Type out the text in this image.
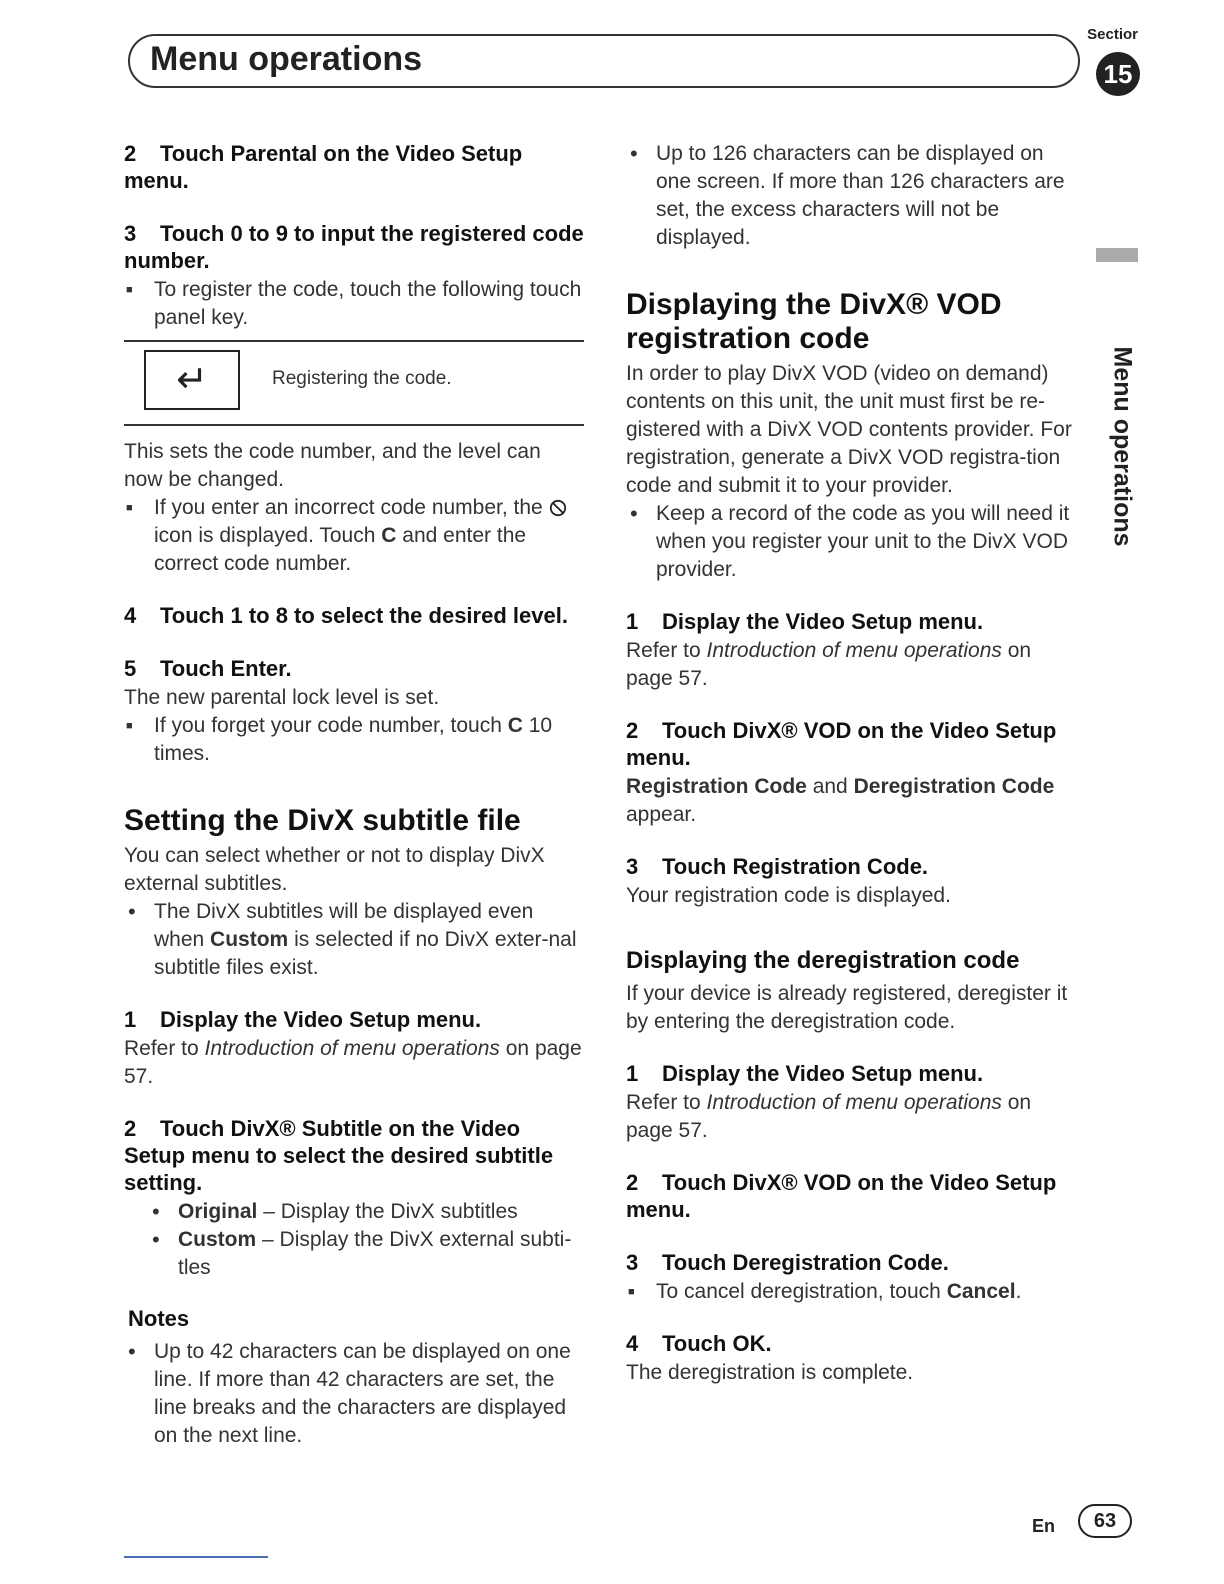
Menu operations
Sectior
15
Menu operations
2 Touch Parental on the Video Setup menu.
3 Touch 0 to 9 to input the registered code number.
■ To register the code, touch the following touch panel key.
↵	Registering the code.

This sets the code number, and the level can now be changed.

■ If you enter an incorrect code number, the  icon is displayed. Touch C and enter the correct code number.
4 Touch 1 to 8 to select the desired level.
5 Touch Enter.

The new parental lock level is set.

■ If you forget your code number, touch C 10 times.
Setting the DivX subtitle file

You can select whether or not to display DivX external subtitles.

• The DivX subtitles will be displayed even when Custom is selected if no DivX exter-nal subtitle files exist.
1 Display the Video Setup menu.

Refer to Introduction of menu operations on page 57.

2 Touch DivX® Subtitle on the Video Setup menu to select the desired subtitle setting.
• Original – Display the DivX subtitles
• Custom – Display the DivX external subti-tles
Notes
• Up to 42 characters can be displayed on one line. If more than 42 characters are set, the line breaks and the characters are displayed on the next line.
• Up to 126 characters can be displayed on one screen. If more than 126 characters are set, the excess characters will not be displayed.
Displaying the DivX® VOD registration code

In order to play DivX VOD (video on demand) contents on this unit, the unit must first be re-gistered with a DivX VOD contents provider. For registration, generate a DivX VOD registra-tion code and submit it to your provider.

• Keep a record of the code as you will need it when you register your unit to the DivX VOD provider.
1 Display the Video Setup menu.

Refer to Introduction of menu operations on page 57.

2 Touch DivX® VOD on the Video Setup menu.

Registration Code and Deregistration Code appear.

3 Touch Registration Code.

Your registration code is displayed.

Displaying the deregistration code

If your device is already registered, deregister it by entering the deregistration code.

1 Display the Video Setup menu.

Refer to Introduction of menu operations on page 57.

2 Touch DivX® VOD on the Video Setup menu.
3 Touch Deregistration Code.
■ To cancel deregistration, touch Cancel.
4 Touch OK.

The deregistration is complete.

En	63
